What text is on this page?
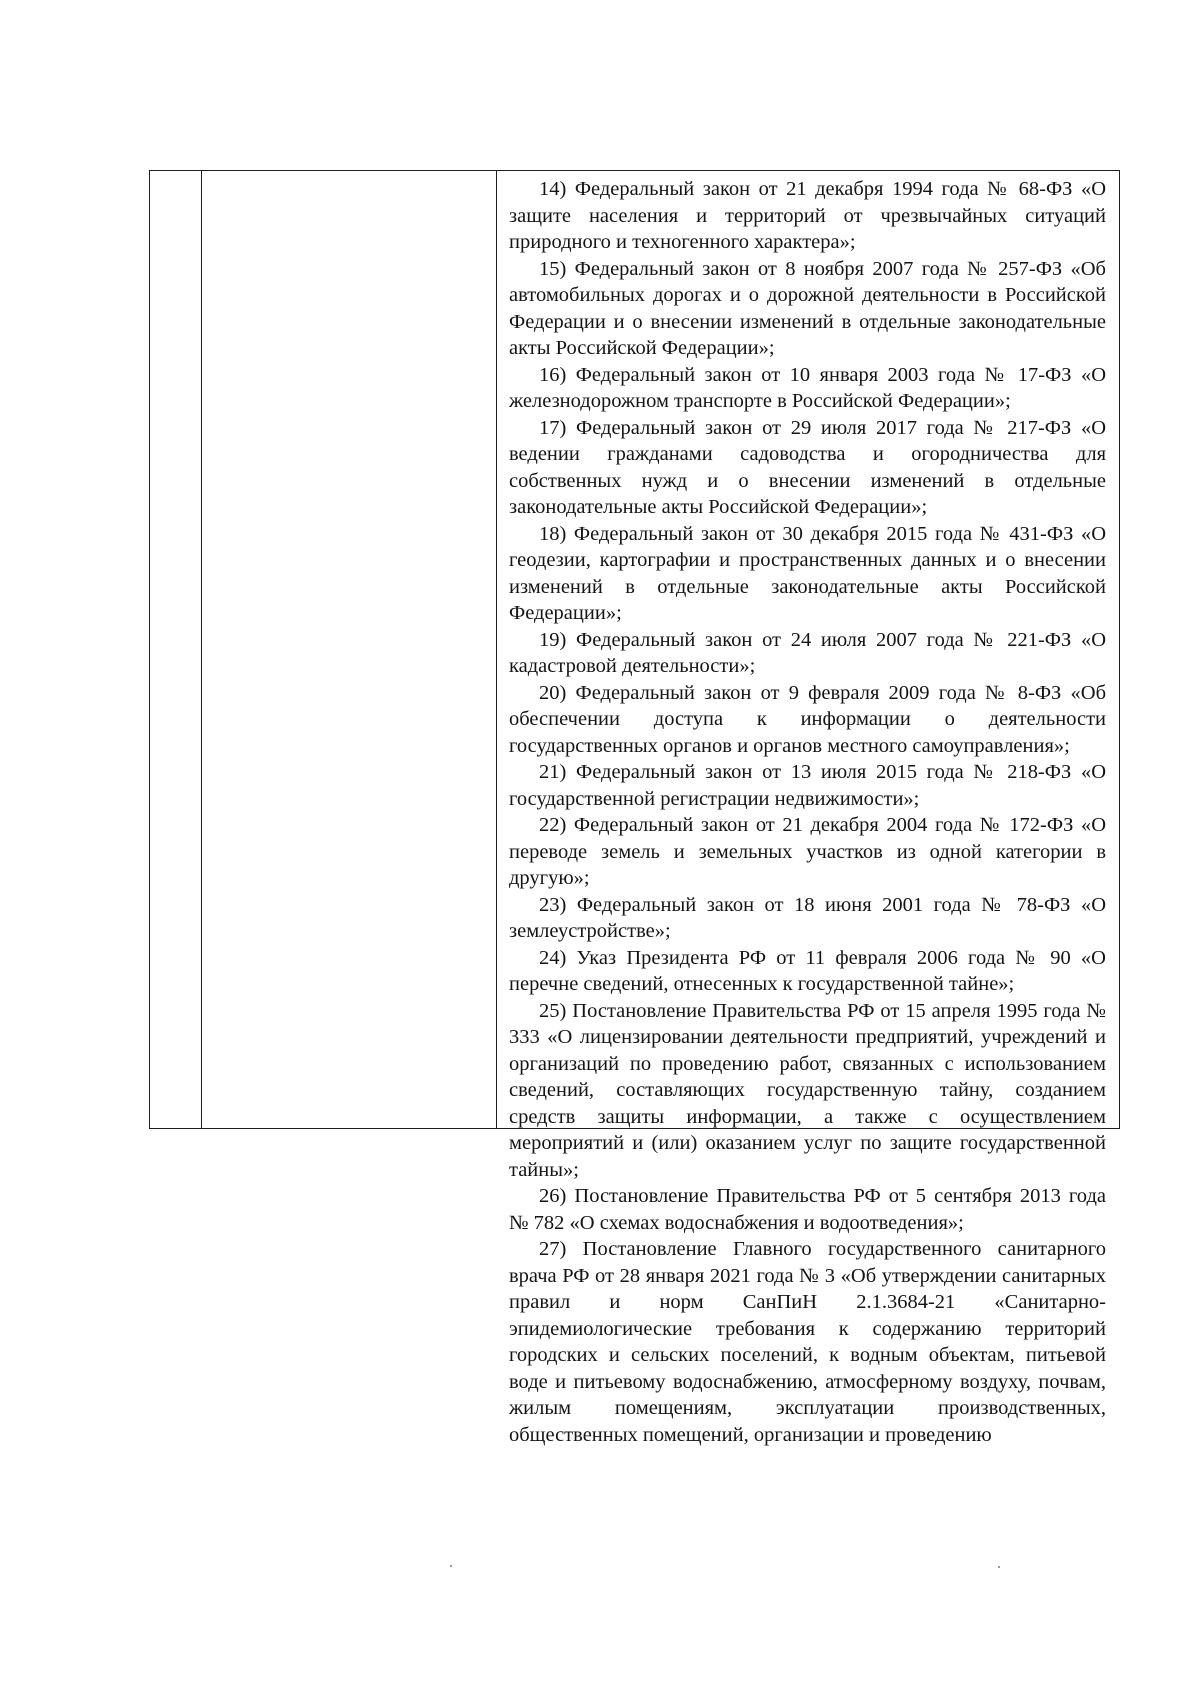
14) Федеральный закон от 21 декабря 1994 года № 68-ФЗ «О защите населения и территорий от чрезвычайных ситуаций природного и техногенного характера»;

15) Федеральный закон от 8 ноября 2007 года № 257-ФЗ «Об автомобильных дорогах и о дорожной деятельности в Российской Федерации и о внесении изменений в отдельные законодательные акты Российской Федерации»;

16) Федеральный закон от 10 января 2003 года № 17-ФЗ «О железнодорожном транспорте в Российской Федерации»;

17) Федеральный закон от 29 июля 2017 года № 217-ФЗ «О ведении гражданами садоводства и огородничества для собственных нужд и о внесении изменений в отдельные законодательные акты Российской Федерации»;

18) Федеральный закон от 30 декабря 2015 года № 431-ФЗ «О геодезии, картографии и пространственных данных и о внесении изменений в отдельные законодательные акты Российской Федерации»;

19) Федеральный закон от 24 июля 2007 года № 221-ФЗ «О кадастровой деятельности»;

20) Федеральный закон от 9 февраля 2009 года № 8-ФЗ «Об обеспечении доступа к информации о деятельности государственных органов и органов местного самоуправления»;

21) Федеральный закон от 13 июля 2015 года № 218-ФЗ «О государственной регистрации недвижимости»;

22) Федеральный закон от 21 декабря 2004 года № 172-ФЗ «О переводе земель и земельных участков из одной категории в другую»;

23) Федеральный закон от 18 июня 2001 года № 78-ФЗ «О землеустройстве»;

24) Указ Президента РФ от 11 февраля 2006 года № 90 «О перечне сведений, отнесенных к государственной тайне»;

25) Постановление Правительства РФ от 15 апреля 1995 года № 333 «О лицензировании деятельности предприятий, учреждений и организаций по проведению работ, связанных с использованием сведений, составляющих государственную тайну, созданием средств защиты информации, а также с осуществлением мероприятий и (или) оказанием услуг по защите государственной тайны»;

26) Постановление Правительства РФ от 5 сентября 2013 года № 782 «О схемах водоснабжения и водоотведения»;

27) Постановление Главного государственного санитарного врача РФ от 28 января 2021 года № 3 «Об утверждении санитарных правил и норм СанПиН 2.1.3684-21 «Санитарно-эпидемиологические требования к содержанию территорий городских и сельских поселений, к водным объектам, питьевой воде и питьевому водоснабжению, атмосферному воздуху, почвам, жилым помещениям, эксплуатации производственных, общественных помещений, организации и проведению
